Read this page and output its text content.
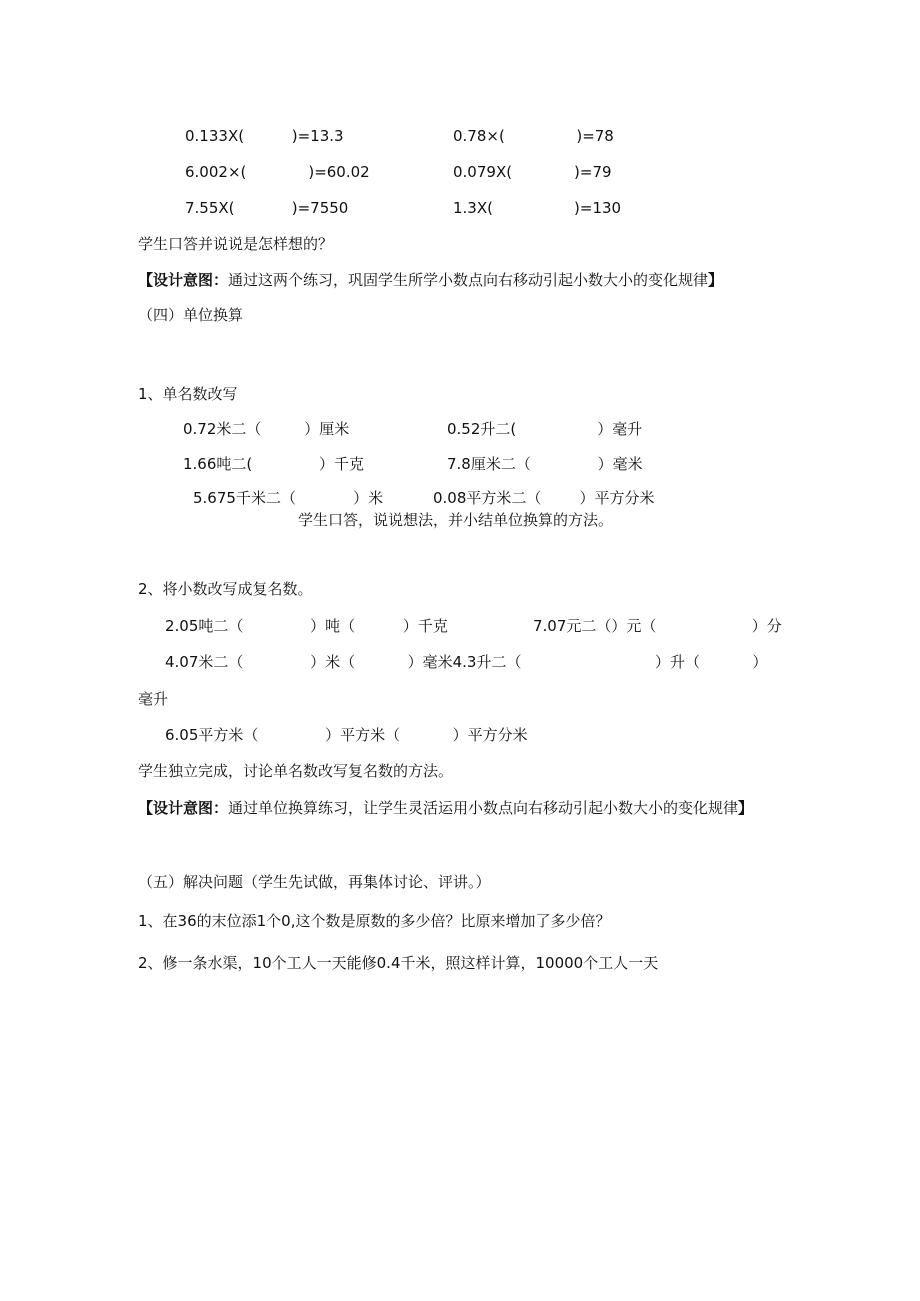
0.133X(          )=13.3	0.78×(               )=78
6.002×(             )=60.02	0.079X(             )=79
7.55X(            )=7550	1.3X(                 )=130
学生口答并说说是怎样想的？
【设计意图：通过这两个练习，巩固学生所学小数点向右移动引起小数大小的变化规律】
（四）单位换算
1、单名数改写
0.72米二（         ）厘米	0.52升二(                 ）毫升
1.66吨二(              ）千克	7.8厘米二（              ）毫米
5.675千米二（            ）米	0.08平方米二（        ）平方分米
学生口答，说说想法，并小结单位换算的方法。
2、将小数改写成复名数。
2.05吨二（              ）吨（          ）千克	7.07元二（）元（                    ）分
4.07米二（              ）米（           ）毫米4.3升二（                            ）升（           ）
毫升
6.05平方米（              ）平方米（           ）平方分米
学生独立完成，讨论单名数改写复名数的方法。
【设计意图：通过单位换算练习，让学生灵活运用小数点向右移动引起小数大小的变化规律】
（五）解决问题（学生先试做，再集体讨论、评讲。）
1、在36的末位添1个0,这个数是原数的多少倍？比原来增加了多少倍？
2、修一条水渠，10个工人一天能修0.4千米，照这样计算，10000个工人一天
